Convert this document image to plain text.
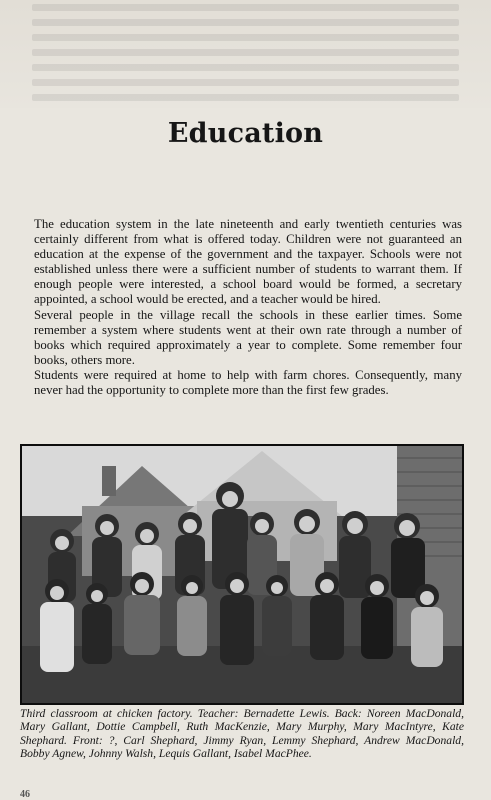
Education

The education system in the late nineteenth and early twentieth centuries was certainly different from what is offered today. Children were not guaranteed an education at the expense of the government and the taxpayer. Schools were not established unless there were a sufficient number of students to warrant them. If enough people were interested, a school board would be formed, a secretary appointed, a school would be erected, and a teacher would be hired.

Several people in the village recall the schools in these earlier times. Some remember a system where students went at their own rate through a number of books which required approximately a year to complete. Some remember four books, others more.

Students were required at home to help with farm chores. Consequently, many never had the opportunity to complete more than the first few grades.

Third classroom at chicken factory. Teacher: Bernadette Lewis. Back: Noreen MacDonald, Mary Gallant, Dottie Campbell, Ruth MacKenzie, Mary Murphy, Mary MacIntyre, Kate Shephard. Front: ?, Carl Shephard, Jimmy Ryan, Lemmy Shephard, Andrew MacDonald, Bobby Agnew, Johnny Walsh, Lequis Gallant, Isabel MacPhee.
46
